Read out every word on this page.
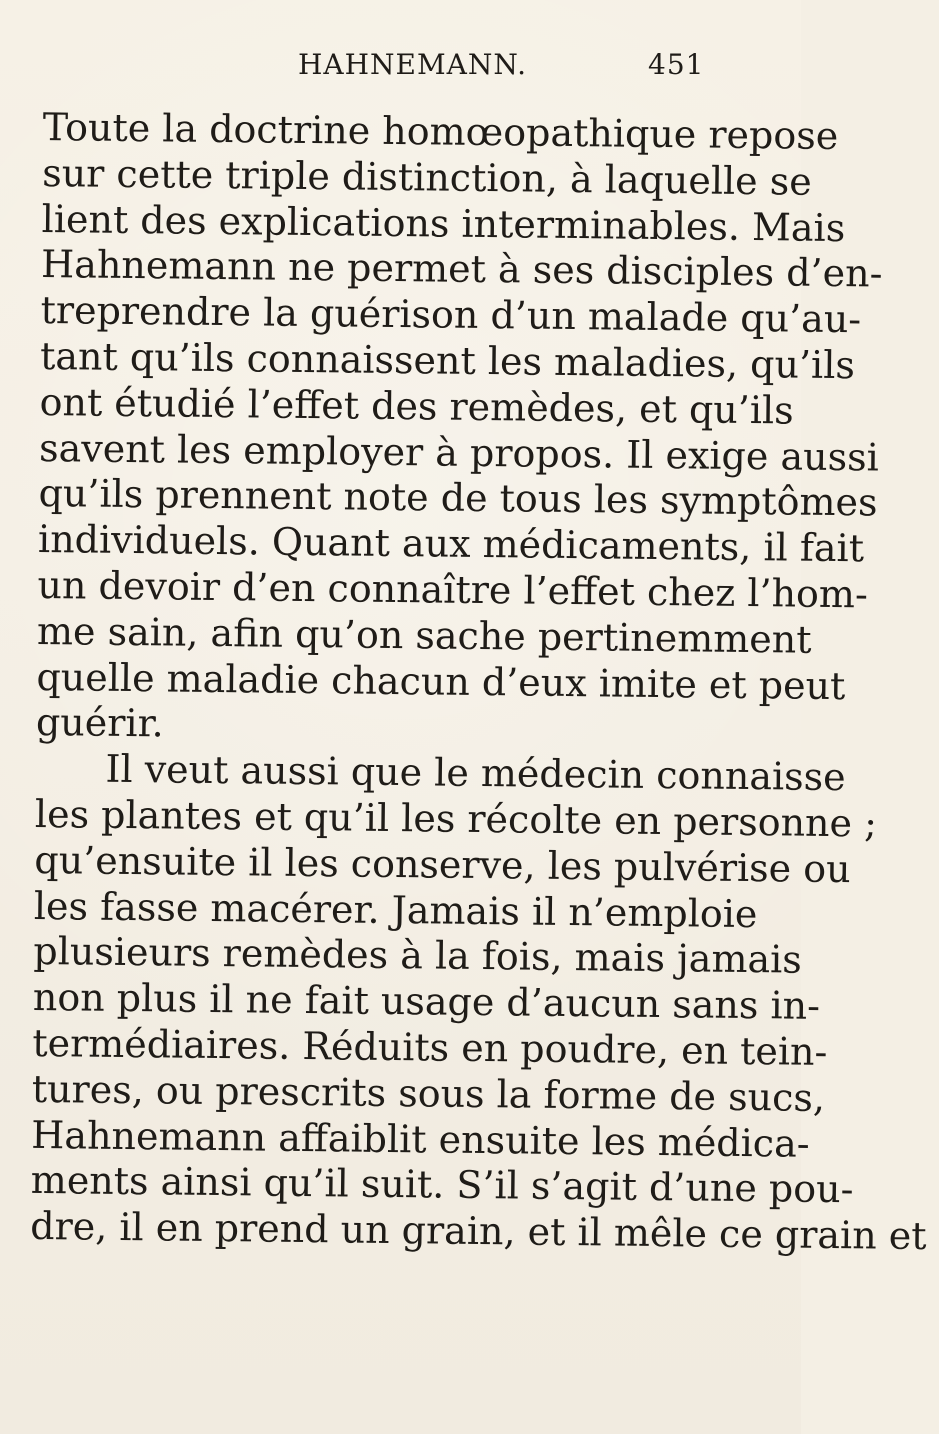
HAHNEMANN.	451
Toute la doctrine homœopathique repose
sur cette triple distinction, à laquelle se
lient des explications interminables. Mais
Hahnemann ne permet à ses disciples d’en-
treprendre la guérison d’un malade qu’au-
tant qu’ils connaissent les maladies, qu’ils
ont étudié l’effet des remèdes, et qu’ils
savent les employer à propos. Il exige aussi
qu’ils prennent note de tous les symptômes
individuels. Quant aux médicaments, il fait
un devoir d’en connaître l’effet chez l’hom-
me sain, afin qu’on sache pertinemment
quelle maladie chacun d’eux imite et peut
guérir.
Il veut aussi que le médecin connaisse
les plantes et qu’il les récolte en personne ;
qu’ensuite il les conserve, les pulvérise ou
les fasse macérer. Jamais il n’emploie
plusieurs remèdes à la fois, mais jamais
non plus il ne fait usage d’aucun sans in-
termédiaires. Réduits en poudre, en tein-
tures, ou prescrits sous la forme de sucs,
Hahnemann affaiblit ensuite les médica-
ments ainsi qu’il suit. S’il s’agit d’une pou-
dre, il en prend un grain, et il mêle ce grain et
